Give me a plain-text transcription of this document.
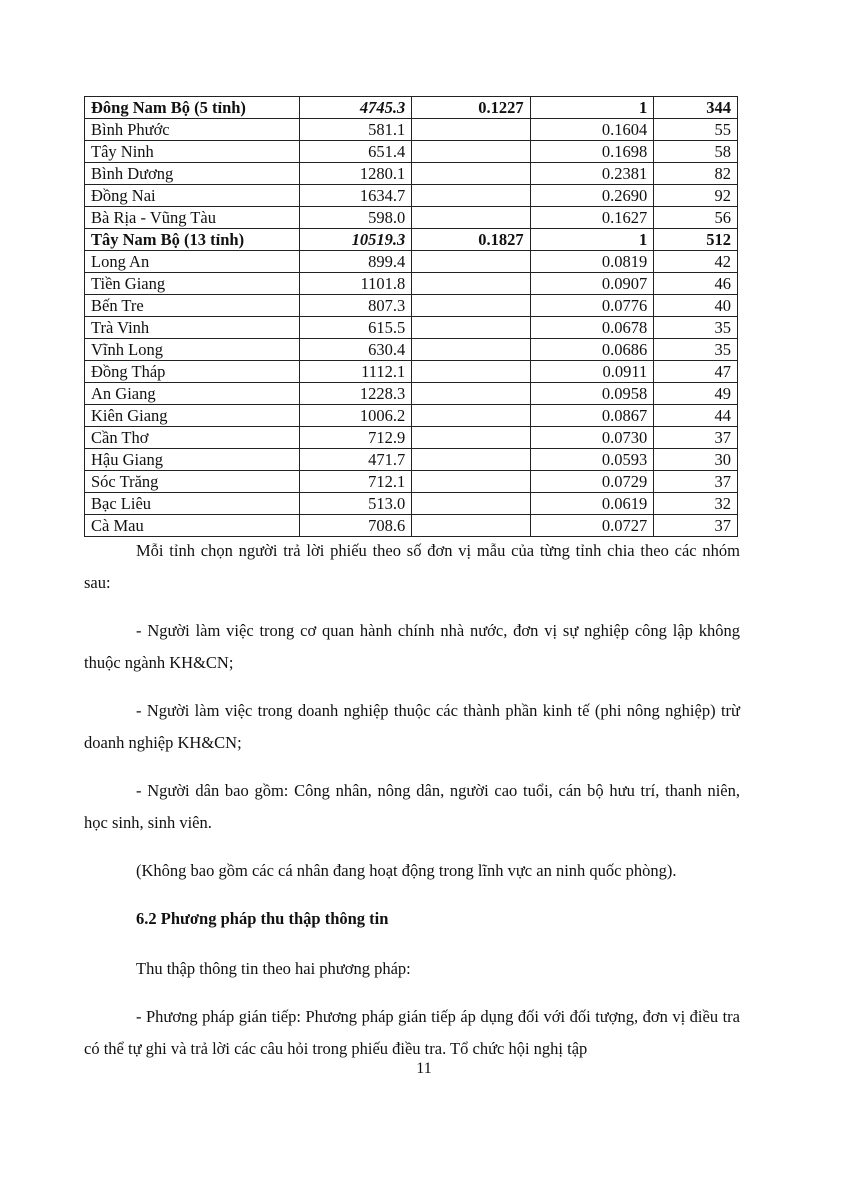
Đông Nam Bộ (5 tỉnh)	4745.3	0.1227	1	344
Bình Phước	581.1		0.1604	55
Tây Ninh	651.4		0.1698	58
Bình Dương	1280.1		0.2381	82
Đồng Nai	1634.7		0.2690	92
Bà Rịa - Vũng Tàu	598.0		0.1627	56
Tây Nam Bộ (13 tỉnh)	10519.3	0.1827	1	512
Long An	899.4		0.0819	42
Tiền Giang	1101.8		0.0907	46
Bến Tre	807.3		0.0776	40
Trà Vinh	615.5		0.0678	35
Vĩnh Long	630.4		0.0686	35
Đồng Tháp	1112.1		0.0911	47
An Giang	1228.3		0.0958	49
Kiên Giang	1006.2		0.0867	44
Cần Thơ	712.9		0.0730	37
Hậu Giang	471.7		0.0593	30
Sóc Trăng	712.1		0.0729	37
Bạc Liêu	513.0		0.0619	32
Cà Mau	708.6		0.0727	37

Mỗi tỉnh chọn người trả lời phiếu theo số đơn vị mẫu của từng tỉnh chia theo các nhóm sau:

- Người làm việc trong cơ quan hành chính nhà nước, đơn vị sự nghiệp công lập không thuộc ngành KH&CN;

- Người làm việc trong doanh nghiệp thuộc các thành phần kinh tế (phi nông nghiệp) trừ doanh nghiệp KH&CN;

- Người dân bao gồm: Công nhân, nông dân, người cao tuổi, cán bộ hưu trí, thanh niên, học sinh, sinh viên.

(Không bao gồm các cá nhân đang hoạt động trong lĩnh vực an ninh quốc phòng).

6.2 Phương pháp thu thập thông tin

Thu thập thông tin theo hai phương pháp:

- Phương pháp gián tiếp: Phương pháp gián tiếp áp dụng đối với đối tượng, đơn vị điều tra có thể tự ghi và trả lời các câu hỏi trong phiếu điều tra. Tổ chức hội nghị tập

11
